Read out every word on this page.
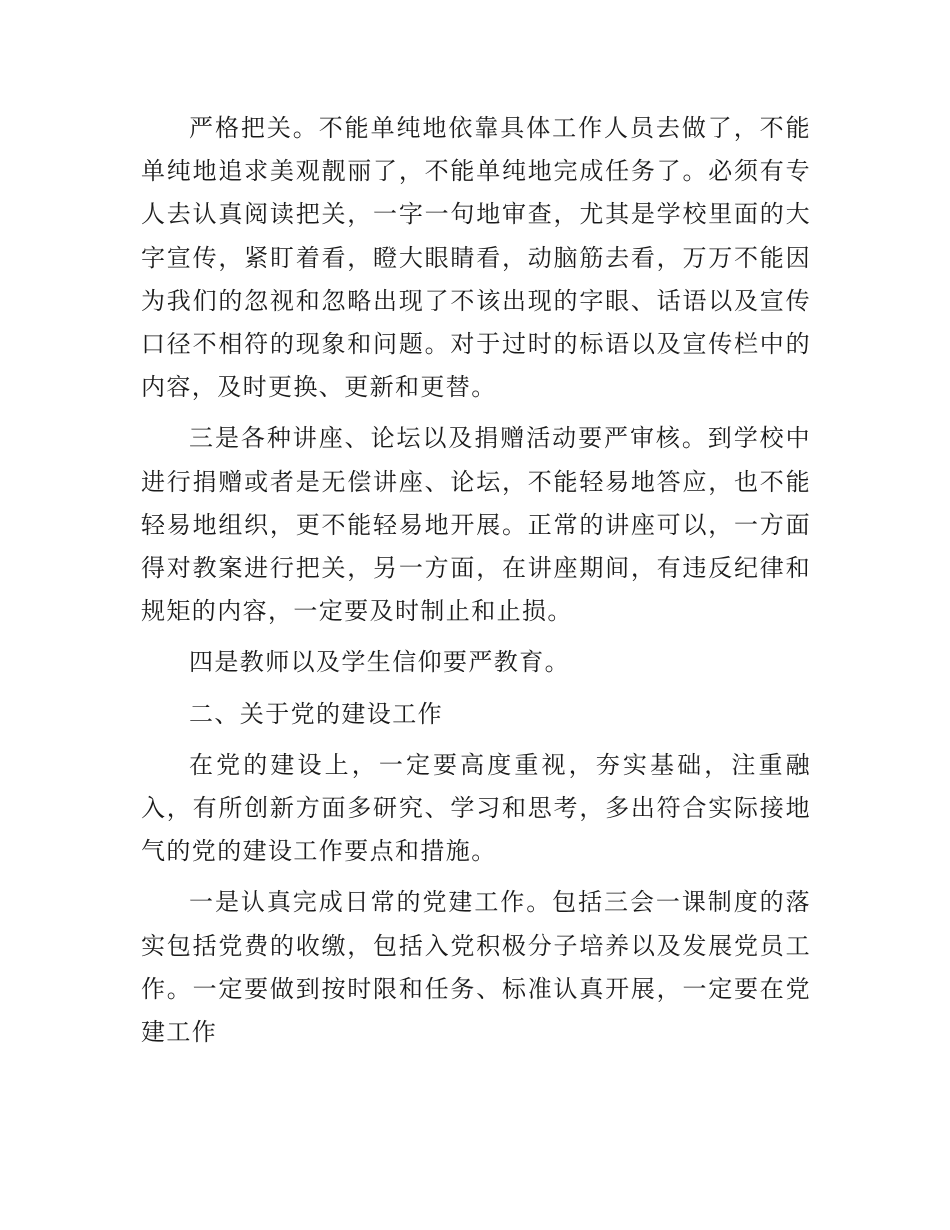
严格把关。不能单纯地依靠具体工作人员去做了，不能单纯地追求美观靓丽了，不能单纯地完成任务了。必须有专人去认真阅读把关，一字一句地审查，尤其是学校里面的大字宣传，紧盯着看，瞪大眼睛看，动脑筋去看，万万不能因为我们的忽视和忽略出现了不该出现的字眼、话语以及宣传口径不相符的现象和问题。对于过时的标语以及宣传栏中的内容，及时更换、更新和更替。

三是各种讲座、论坛以及捐赠活动要严审核。到学校中进行捐赠或者是无偿讲座、论坛，不能轻易地答应，也不能轻易地组织，更不能轻易地开展。正常的讲座可以，一方面得对教案进行把关，另一方面，在讲座期间，有违反纪律和规矩的内容，一定要及时制止和止损。

四是教师以及学生信仰要严教育。

二、关于党的建设工作

在党的建设上，一定要高度重视，夯实基础，注重融入，有所创新方面多研究、学习和思考，多出符合实际接地气的党的建设工作要点和措施。

一是认真完成日常的党建工作。包括三会一课制度的落实包括党费的收缴，包括入党积极分子培养以及发展党员工作。一定要做到按时限和任务、标准认真开展，一定要在党建工作
